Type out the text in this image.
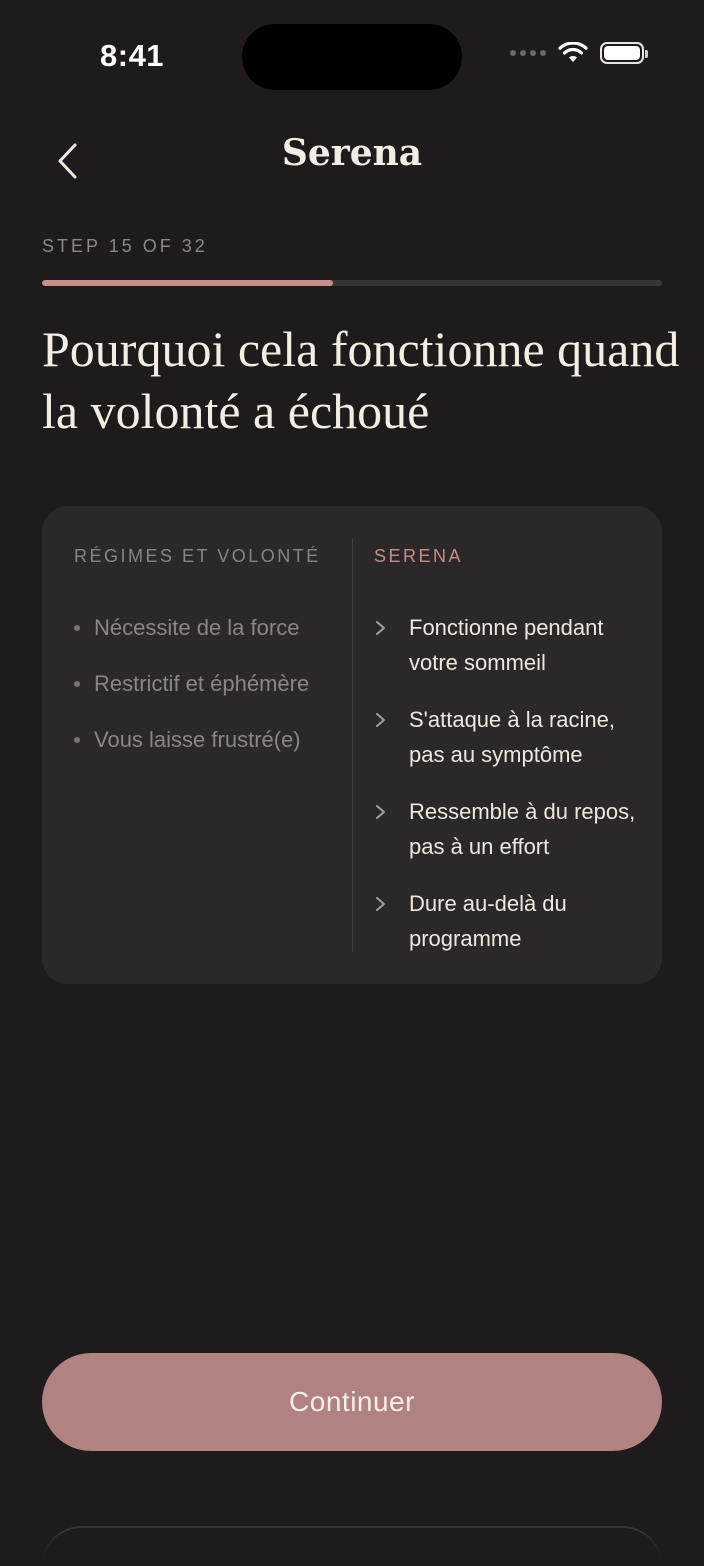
8:41
Serena
STEP 15 OF 32
Pourquoi cela fonctionne quand la volonté a échoué
RÉGIMES ET VOLONTÉ
Nécessite de la force
Restrictif et éphémère
Vous laisse frustré(e)
SERENA
Fonctionne pendant votre sommeil
S'attaque à la racine, pas au symptôme
Ressemble à du repos, pas à un effort
Dure au-delà du programme
Continuer
